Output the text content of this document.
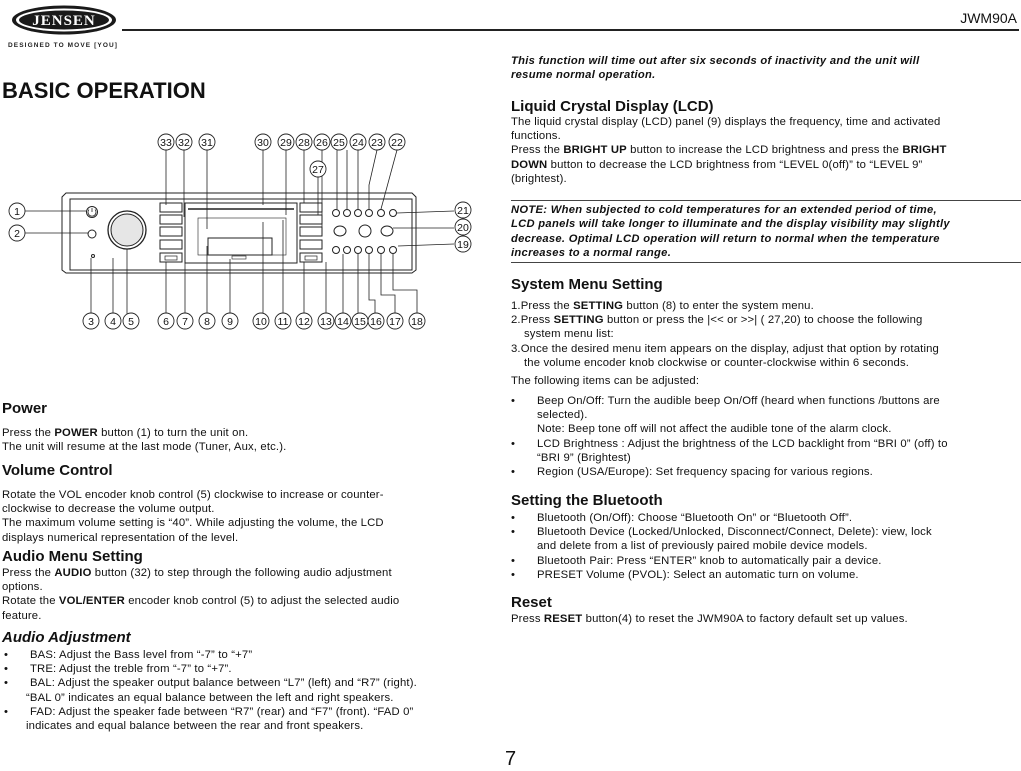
JENSEN
DESIGNED TO MOVE [YOU]
JWM90A
BASIC OPERATION
33 32 31	30 29 28 26 25 24 23 22
27
1
2
21
20
19
3 4 5	6 7 8 9 10 11 12 13 14 15 16 17 18
Power
Press the POWER button (1) to turn the unit on.
The unit will resume at the last mode (Tuner, Aux, etc.).
Volume Control
Rotate the VOL encoder knob control (5) clockwise to increase or counter-
clockwise to decrease the volume output.
The maximum volume setting is “40”. While adjusting the volume, the LCD
displays numerical representation of the level.
Audio Menu Setting
Press the AUDIO button (32) to step through the following audio adjustment
options.
Rotate the VOL/ENTER encoder knob control (5) to adjust the selected audio
feature.
Audio Adjustment
• BAS: Adjust the Bass level from “-7” to “+7”
• TRE: Adjust the treble from “-7” to “+7”.
• BAL: Adjust the speaker output balance between “L7” (left) and “R7” (right).
“BAL 0” indicates an equal balance between the left and right speakers.
• FAD: Adjust the speaker fade between “R7” (rear) and “F7” (front). “FAD 0”
indicates and equal balance between the rear and front speakers.
This function will time out after six seconds of inactivity and the unit will
resume normal operation.
Liquid Crystal Display (LCD)
The liquid crystal display (LCD) panel (9) displays the frequency, time and activated
functions.
Press the BRIGHT UP button to increase the LCD brightness and press the BRIGHT
DOWN button to decrease the LCD brightness from “LEVEL 0(off)” to “LEVEL 9”
(brightest).
NOTE: When subjected to cold temperatures for an extended period of time,
LCD panels will take longer to illuminate and the display visibility may slightly
decrease. Optimal LCD operation will return to normal when the temperature
increases to a normal range.
System Menu Setting
1.Press the SETTING button (8) to enter the system menu.
2.Press SETTING button or press the |<< or >>| ( 27,20) to choose the following
system menu list:
3.Once the desired menu item appears on the display, adjust that option by rotating
the volume encoder knob clockwise or counter-clockwise within 6 seconds.
The following items can be adjusted:
• Beep On/Off: Turn the audible beep On/Off (heard when functions /buttons are
selected).
Note: Beep tone off will not affect the audible tone of the alarm clock.
• LCD Brightness : Adjust the brightness of the LCD backlight from “BRI 0” (off) to
“BRI 9” (Brightest)
• Region (USA/Europe): Set frequency spacing for various regions.
Setting the Bluetooth
• Bluetooth (On/Off): Choose “Bluetooth On” or “Bluetooth Off”.
• Bluetooth Device (Locked/Unlocked, Disconnect/Connect, Delete): view, lock
and delete from a list of previously paired mobile device models.
• Bluetooth Pair: Press “ENTER” knob to automatically pair a device.
• PRESET Volume (PVOL): Select an automatic turn on volume.
Reset
Press RESET button(4) to reset the JWM90A to factory default set up values.
7
